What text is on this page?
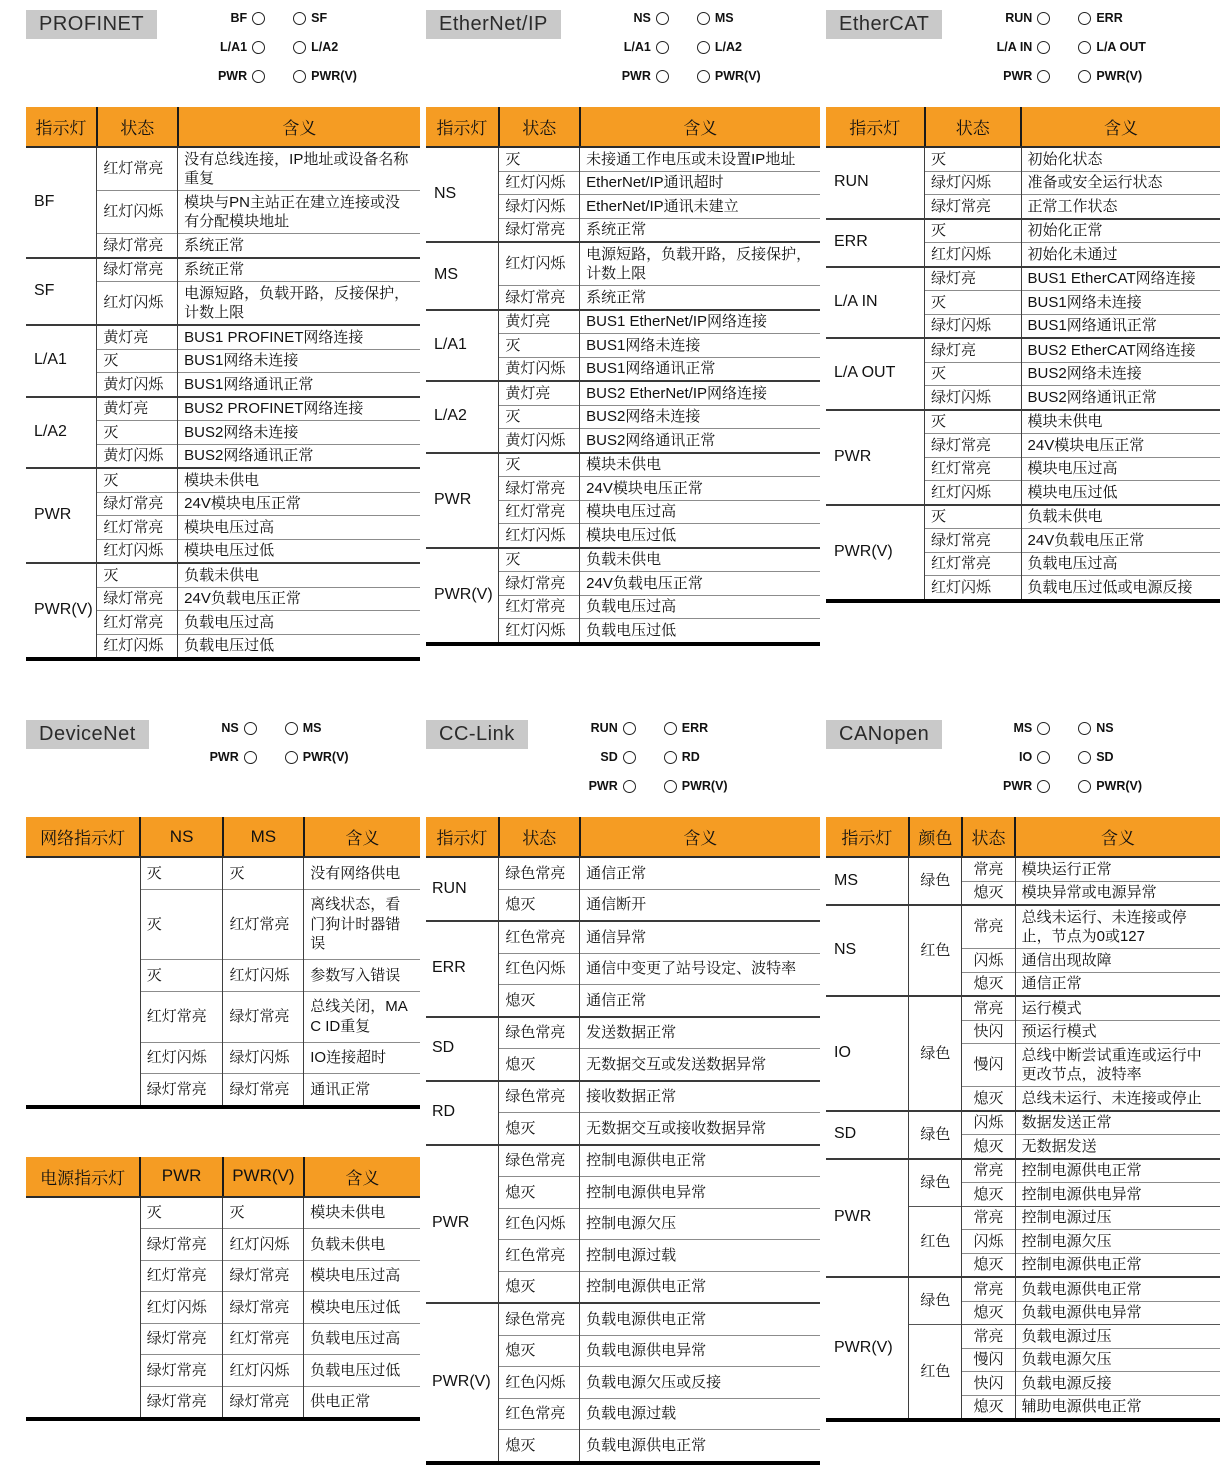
PROFINET	BF	SF
L/A1	L/A2
PWR	PWR(V)
指示灯	状态	含义
BF	红灯常亮	没有总线连接，IP地址或设备名称重复
	红灯闪烁	模块与PN主站正在建立连接或没有分配模块地址
	绿灯常亮	系统正常
SF	绿灯常亮	系统正常
	红灯闪烁	电源短路，负载开路，反接保护，计数上限
L/A1	黄灯亮	BUS1 PROFINET网络连接
	灭	BUS1网络未连接
	黄灯闪烁	BUS1网络通讯正常
L/A2	黄灯亮	BUS2 PROFINET网络连接
	灭	BUS2网络未连接
	黄灯闪烁	BUS2网络通讯正常
PWR	灭	模块未供电
	绿灯常亮	24V模块电压正常
	红灯常亮	模块电压过高
	红灯闪烁	模块电压过低
PWR(V)	灭	负载未供电
	绿灯常亮	24V负载电压正常
	红灯常亮	负载电压过高
	红灯闪烁	负载电压过低
EtherNet/IP	NS	MS
L/A1	L/A2
PWR	PWR(V)
指示灯	状态	含义
NS	灭	未接通工作电压或未设置IP地址
	红灯闪烁	EtherNet/IP通讯超时
	绿灯闪烁	EtherNet/IP通讯未建立
	绿灯常亮	系统正常
MS	红灯闪烁	电源短路，负载开路，反接保护，计数上限
	绿灯常亮	系统正常
L/A1	黄灯亮	BUS1 EtherNet/IP网络连接
	灭	BUS1网络未连接
	黄灯闪烁	BUS1网络通讯正常
L/A2	黄灯亮	BUS2 EtherNet/IP网络连接
	灭	BUS2网络未连接
	黄灯闪烁	BUS2网络通讯正常
PWR	灭	模块未供电
	绿灯常亮	24V模块电压正常
	红灯常亮	模块电压过高
	红灯闪烁	模块电压过低
PWR(V)	灭	负载未供电
	绿灯常亮	24V负载电压正常
	红灯常亮	负载电压过高
	红灯闪烁	负载电压过低
EtherCAT	RUN	ERR
L/A IN	L/A OUT
PWR	PWR(V)
指示灯	状态	含义
RUN	灭	初始化状态
	绿灯闪烁	准备或安全运行状态
	绿灯常亮	正常工作状态
ERR	灭	初始化正常
	红灯闪烁	初始化未通过
L/A IN	绿灯亮	BUS1 EtherCAT网络连接
	灭	BUS1网络未连接
	绿灯闪烁	BUS1网络通讯正常
L/A OUT	绿灯亮	BUS2 EtherCAT网络连接
	灭	BUS2网络未连接
	绿灯闪烁	BUS2网络通讯正常
PWR	灭	模块未供电
	绿灯常亮	24V模块电压正常
	红灯常亮	模块电压过高
	红灯闪烁	模块电压过低
PWR(V)	灭	负载未供电
	绿灯常亮	24V负载电压正常
	红灯常亮	负载电压过高
	红灯闪烁	负载电压过低或电源反接
DeviceNet	NS	MS
PWR	PWR(V)
网络指示灯	NS	MS	含义
	灭	灭	没有网络供电
	灭	红灯常亮	离线状态，看门狗计时器错误
	灭	红灯闪烁	参数写入错误
	红灯常亮	绿灯常亮	总线关闭，MAC ID重复
	红灯闪烁	绿灯闪烁	IO连接超时
	绿灯常亮	绿灯常亮	通讯正常
电源指示灯	PWR	PWR(V)	含义
	灭	灭	模块未供电
	绿灯常亮	红灯闪烁	负载未供电
	红灯常亮	绿灯常亮	模块电压过高
	红灯闪烁	绿灯常亮	模块电压过低
	绿灯常亮	红灯常亮	负载电压过高
	绿灯常亮	红灯闪烁	负载电压过低
	绿灯常亮	绿灯常亮	供电正常
CC-Link	RUN	ERR
SD	RD
PWR	PWR(V)
指示灯	状态	含义
RUN	绿色常亮	通信正常
	熄灭	通信断开
ERR	红色常亮	通信异常
	红色闪烁	通信中变更了站号设定、波特率
	熄灭	通信正常
SD	绿色常亮	发送数据正常
	熄灭	无数据交互或发送数据异常
RD	绿色常亮	接收数据正常
	熄灭	无数据交互或接收数据异常
PWR	绿色常亮	控制电源供电正常
	熄灭	控制电源供电异常
	红色闪烁	控制电源欠压
	红色常亮	控制电源过载
	熄灭	控制电源供电正常
PWR(V)	绿色常亮	负载电源供电正常
	熄灭	负载电源供电异常
	红色闪烁	负载电源欠压或反接
	红色常亮	负载电源过载
	熄灭	负载电源供电正常
CANopen	MS	NS
IO	SD
PWR	PWR(V)
指示灯	颜色	状态	含义
MS	绿色	常亮	模块运行正常
		熄灭	模块异常或电源异常
NS	红色	常亮	总线未运行、未连接或停止，节点为0或127
		闪烁	通信出现故障
		熄灭	通信正常
IO	绿色	常亮	运行模式
		快闪	预运行模式
		慢闪	总线中断尝试重连或运行中更改节点，波特率
		熄灭	总线未运行、未连接或停止
SD	绿色	闪烁	数据发送正常
		熄灭	无数据发送
PWR	绿色	常亮	控制电源供电正常
		熄灭	控制电源供电异常
	红色	常亮	控制电源过压
		闪烁	控制电源欠压
		熄灭	控制电源供电正常
PWR(V)	绿色	常亮	负载电源供电正常
		熄灭	负载电源供电异常
	红色	常亮	负载电源过压
		慢闪	负载电源欠压
		快闪	负载电源反接
		熄灭	辅助电源供电正常
